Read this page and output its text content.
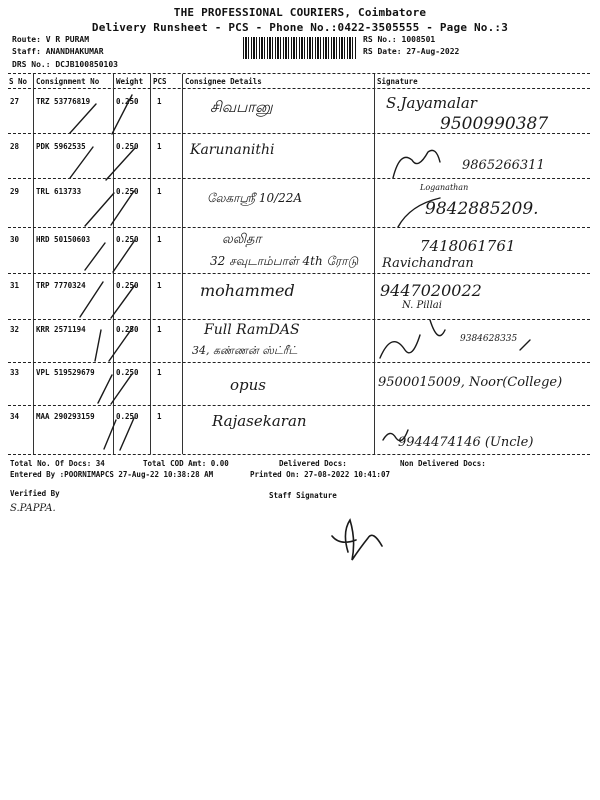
THE PROFESSIONAL COURIERS, Coimbatore
Delivery Runsheet - PCS - Phone No.:0422-3505555 - Page No.:3
Route: V R PURAM
Staff: ANANDHAKUMAR
DRS No.: DCJB100850103
RS No.: 1008501
RS Date: 27-Aug-2022
S No Consignment No Weight PCS Consignee Details	Signature
27 TRZ 53776819	0.250 1	சிவபானு	S.Jayamalar
9500990387
28 PDK 5962535	0.250 1 Karunanithi
9865266311
29 TRL 613733	0.250 1	லேகாஸ்ரீ 10/22A
Loganathan
9842885209.
30 HRD 50150603	0.250 1	லலிதா
32 சவுடாம்பாள் 4th ரோடு
7418061761
Ravichandran
31 TRP 7770324	0.250 1 mohammed	9447020022
N. Pillai
32 KRR 2571194	0.250 1	Full RamDAS
34, கண்ணன் ஸ்ட்ரீட்
9384628335
33 VPL 519529679	0.250 1
opus	9500015009, Noor(College)
34 MAA 290293159	0.250 1	Rajasekaran
9944474146 (Uncle)
Total No. Of Docs: 34	Total COD Amt: 0.00	Delivered Docs:	Non Delivered Docs:
Entered By :POORNIMAPCS 27-Aug-22 10:38:28 AM	Printed On: 27-08-2022 10:41:07
Verified By	Staff Signature
S.PAPPA.
